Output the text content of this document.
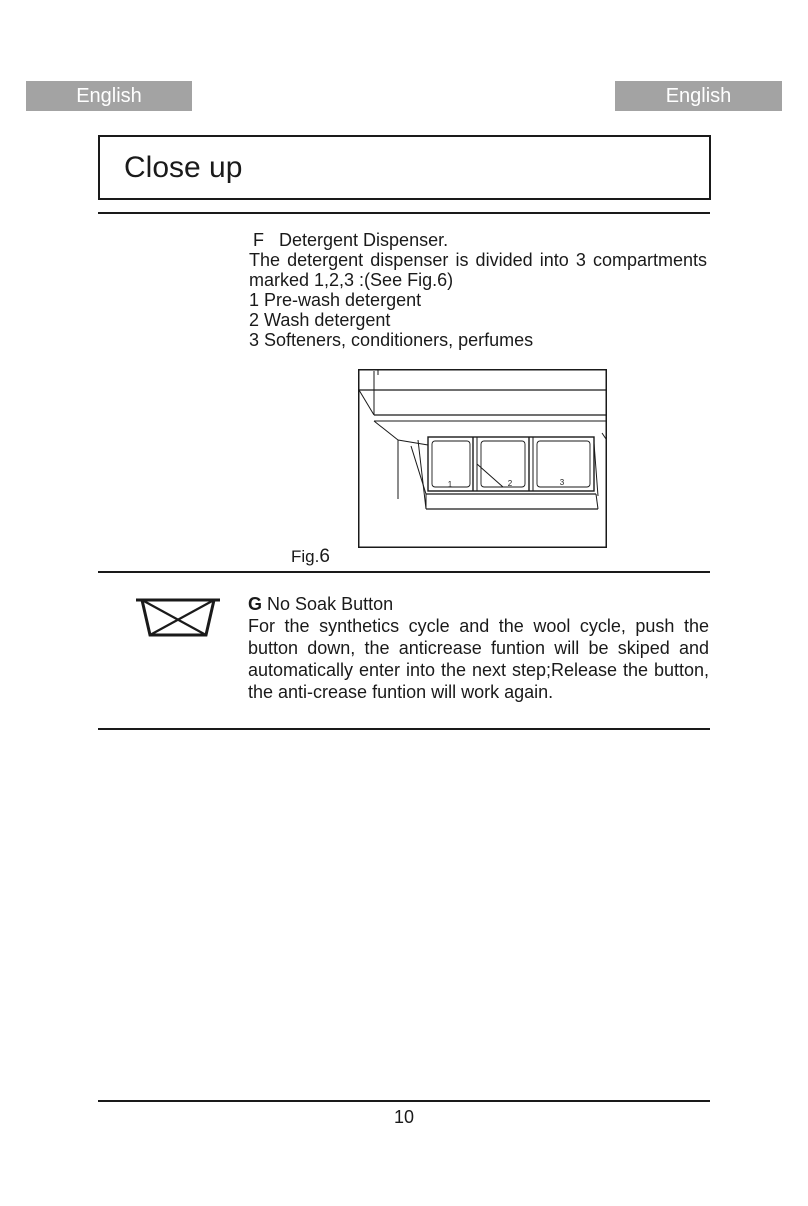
English	English
Close up
F Detergent Dispenser.
The detergent dispenser is divided into 3 compartments marked 1,2,3 :(See Fig.6)
1 Pre-wash detergent
2 Wash detergent
3 Softeners, conditioners, perfumes
1	2	3
Fig.6
G No Soak Button
For the synthetics cycle and the wool cycle, push the button down, the anticrease funtion will be skiped and automatically enter into the next step;Release the button, the anti-crease funtion will work again.
10
